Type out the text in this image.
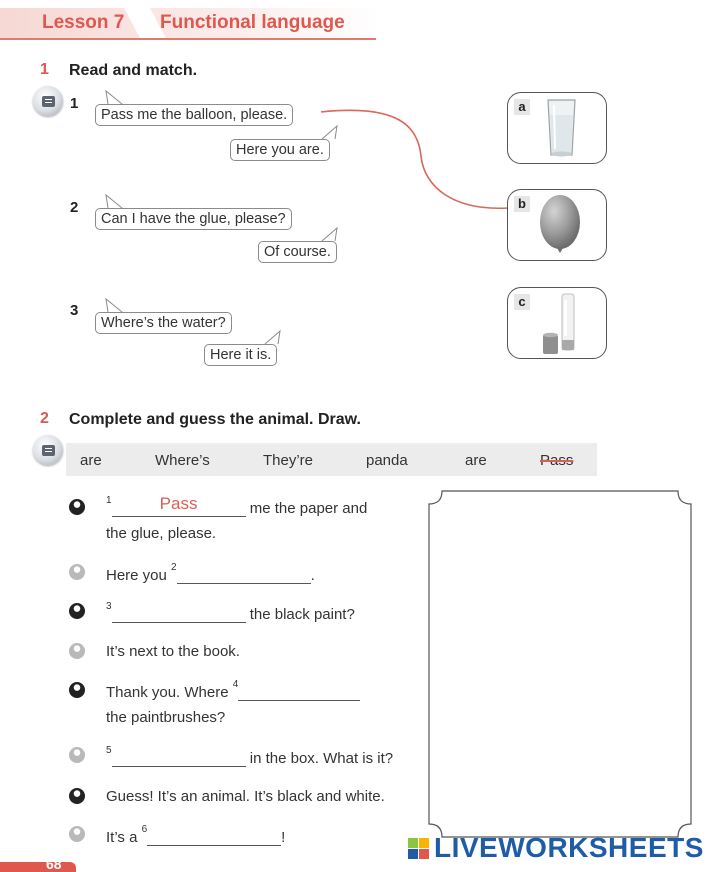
Lesson 7 Functional language
1 Read and match.
1
Pass me the balloon, please.
Here you are.
2
Can I have the glue, please?
Of course.
3
Where’s the water?
Here it is.
a
b
c
2 Complete and guess the animal. Draw.
are	Where’s	They’re	panda	are	Pass
$^1$	Pass	me the paper and
the glue, please.
Here you $^2$	.
$^3$	the black paint?
It’s next to the book.
Thank you. Where $^4$
the paintbrushes?
$^5$	in the box. What is it?
Guess! It’s an animal. It’s black and white.
It’s a $^6$	!
68
LIVEWORKSHEETS
